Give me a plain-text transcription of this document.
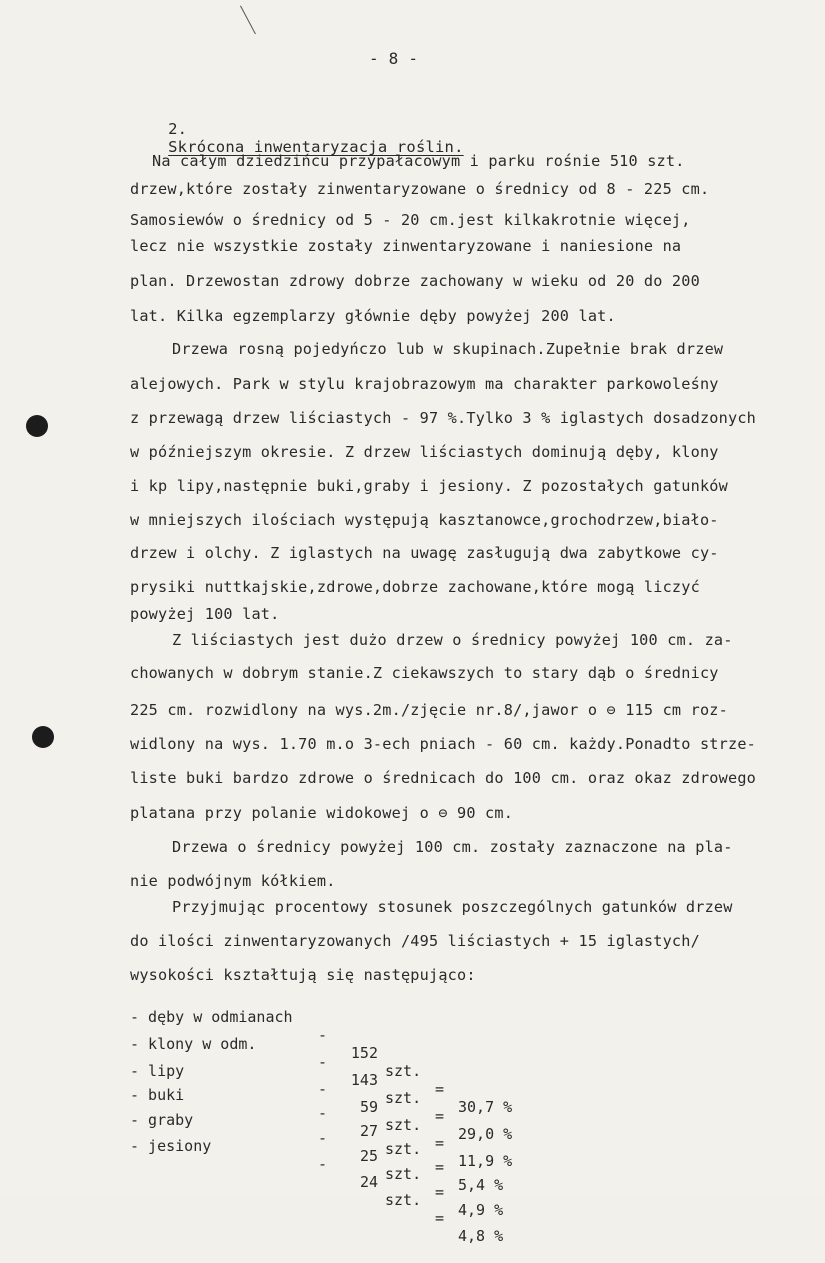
- 8 -

2.
Skrócona inwentaryzacja roślin.

Na całym dziedzińcu przypałacowym i parku rośnie 510 szt.
drzew,które zostały zinwentaryzowane o średnicy od 8 - 225 cm.
Samosiewów o średnicy od 5 - 20 cm.jest kilkakrotnie więcej,
lecz nie wszystkie zostały zinwentaryzowane i naniesione na
plan. Drzewostan zdrowy dobrze zachowany w wieku od 20 do 200
lat. Kilka egzemplarzy głównie dęby powyżej 200 lat.
Drzewa rosną pojedyńczo lub w skupinach.Zupełnie brak drzew
alejowych. Park w stylu krajobrazowym ma charakter parkowoleśny
z przewagą drzew liściastych - 97 %.Tylko 3 % iglastych dosadzonych
w późniejszym okresie. Z drzew liściastych dominują dęby, klony
i kp lipy,następnie buki,graby i jesiony. Z pozostałych gatunków
w mniejszych ilościach występują kasztanowce,grochodrzew,biało-
drzew i olchy. Z iglastych na uwagę zasługują dwa zabytkowe cy-
prysiki nuttkajskie,zdrowe,dobrze zachowane,które mogą liczyć
powyżej 100 lat.
Z liściastych jest dużo drzew o średnicy powyżej 100 cm. za-
chowanych w dobrym stanie.Z ciekawszych to stary dąb o średnicy
225 cm. rozwidlony na wys.2m./zjęcie nr.8/,jawor o ⊖ 115 cm roz-
widlony na wys. 1.70 m.o 3-ech pniach - 60 cm. każdy.Ponadto strze-
liste buki bardzo zdrowe o średnicach do 100 cm. oraz okaz zdrowego
platana przy polanie widokowej o ⊖ 90 cm.
Drzewa o średnicy powyżej 100 cm. zostały zaznaczone na pla-
nie podwójnym kółkiem.
Przyjmując procentowy stosunek poszczególnych gatunków drzew
do ilości zinwentaryzowanych /495 liściastych + 15 iglastych/
wysokości kształtują się następująco:

- dęby w odmianach

-

152

szt.

=

30,7 %

- klony w odm.

-

143

szt.

=

29,0 %

- lipy

-

59

szt.

=

11,9 %

- buki

-

27

szt.

=

5,4 %

- graby

-

25

szt.

=

4,9 %

- jesiony

-

24

szt.

=

4,8 %
